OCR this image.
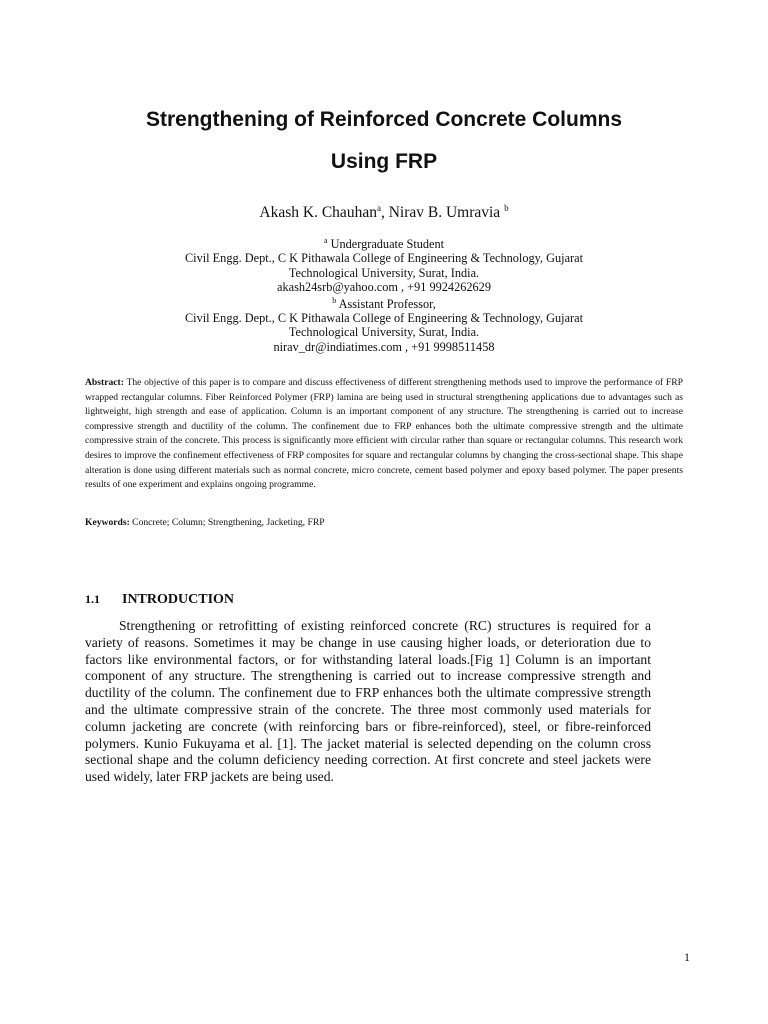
Strengthening of Reinforced Concrete Columns
Using FRP
Akash K. Chauhan$^a$, Nirav B. Umravia $^b$
$^a$ Undergraduate Student
Civil Engg. Dept., C K Pithawala College of Engineering & Technology, Gujarat
Technological University, Surat, India.
akash24srb@yahoo.com , +91 9924262629
$^b$ Assistant Professor,
Civil Engg. Dept., C K Pithawala College of Engineering & Technology, Gujarat
Technological University, Surat, India.
nirav_dr@indiatimes.com , +91 9998511458
Abstract: The objective of this paper is to compare and discuss effectiveness of different strengthening methods used to improve the performance of FRP wrapped rectangular columns. Fiber Reinforced Polymer (FRP) lamina are being used in structural strengthening applications due to advantages such as lightweight, high strength and ease of application. Column is an important component of any structure. The strengthening is carried out to increase compressive strength and ductility of the column. The confinement due to FRP enhances both the ultimate compressive strength and the ultimate compressive strain of the concrete. This process is significantly more efficient with circular rather than square or rectangular columns. This research work desires to improve the confinement effectiveness of FRP composites for square and rectangular columns by changing the cross-sectional shape. This shape alteration is done using different materials such as normal concrete, micro concrete, cement based polymer and epoxy based polymer. The paper presents results of one experiment and explains ongoing programme.
Keywords: Concrete; Column; Strengthening, Jacketing, FRP
1.1 INTRODUCTION
Strengthening or retrofitting of existing reinforced concrete (RC) structures is required for a variety of reasons. Sometimes it may be change in use causing higher loads, or deterioration due to factors like environmental factors, or for withstanding lateral loads.[Fig 1] Column is an important component of any structure. The strengthening is carried out to increase compressive strength and ductility of the column. The confinement due to FRP enhances both the ultimate compressive strength and the ultimate compressive strain of the concrete. The three most commonly used materials for column jacketing are concrete (with reinforcing bars or fibre-reinforced), steel, or fibre-reinforced polymers. Kunio Fukuyama et al. [1]. The jacket material is selected depending on the column cross sectional shape and the column deficiency needing correction. At first concrete and steel jackets were used widely, later FRP jackets are being used.
1
